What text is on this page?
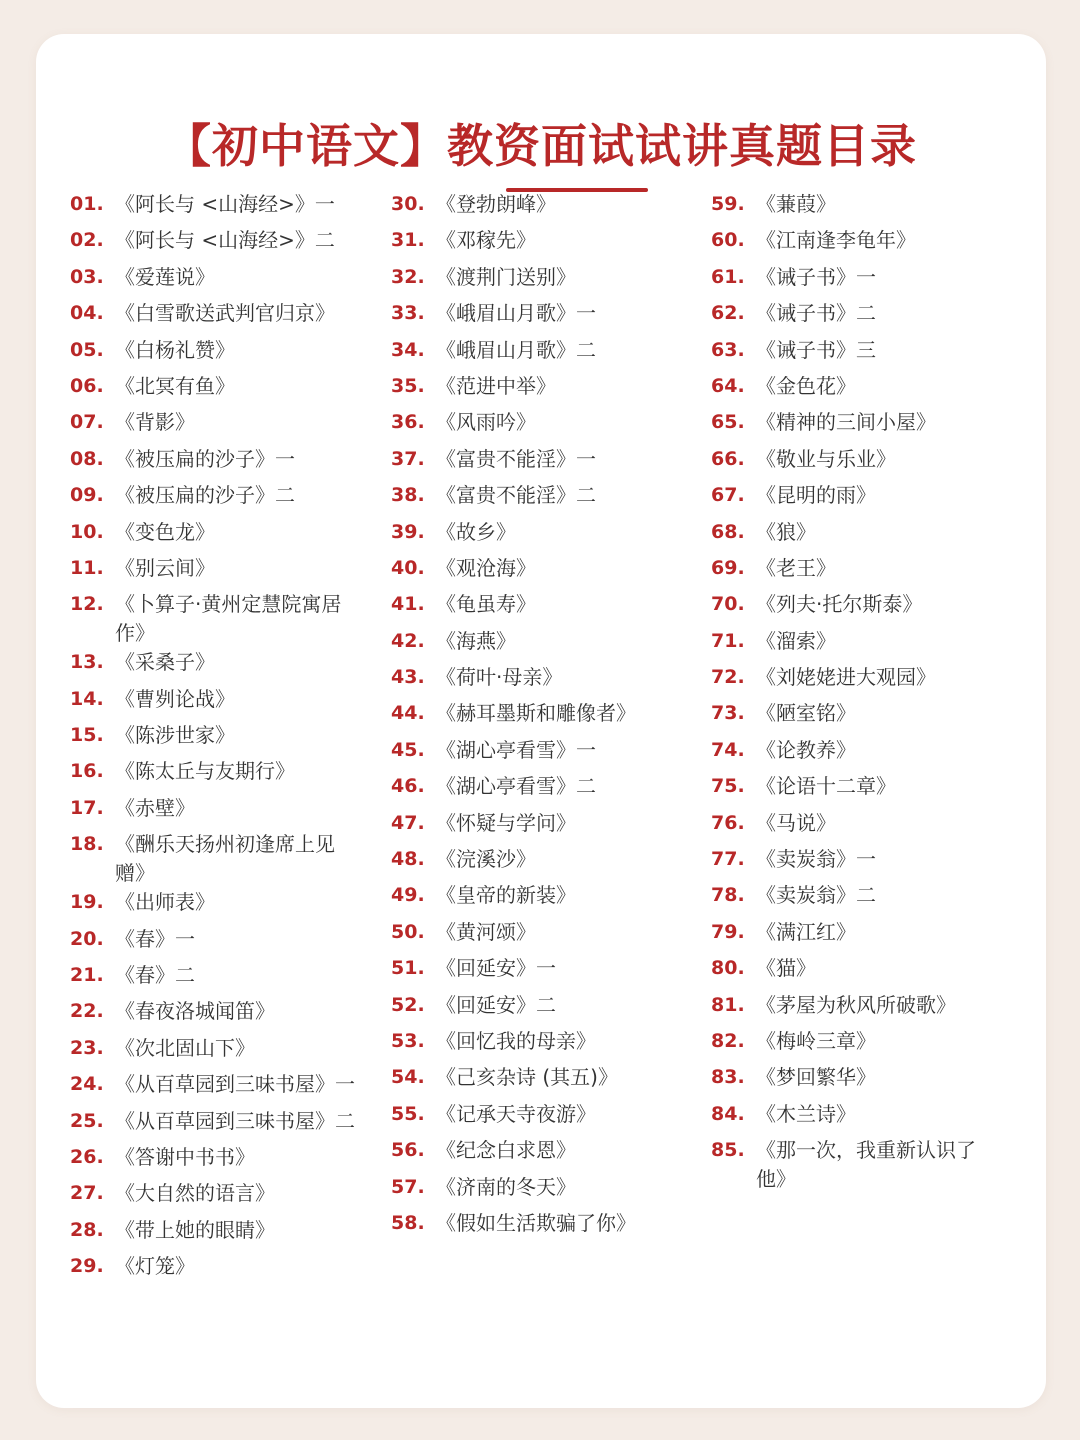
【初中语文】教资面试试讲真题目录
01. 《阿长与 <山海经>》一
02. 《阿长与 <山海经>》二
03. 《爱莲说》
04. 《白雪歌送武判官归京》
05. 《白杨礼赞》
06. 《北冥有鱼》
07. 《背影》
08. 《被压扁的沙子》一
09. 《被压扁的沙子》二
10. 《变色龙》
11. 《别云间》
12. 《卜算子·黄州定慧院寓居作》
13. 《采桑子》
14. 《曹刿论战》
15. 《陈涉世家》
16. 《陈太丘与友期行》
17. 《赤壁》
18. 《酬乐天扬州初逢席上见赠》
19. 《出师表》
20. 《春》一
21. 《春》二
22. 《春夜洛城闻笛》
23. 《次北固山下》
24. 《从百草园到三味书屋》一
25. 《从百草园到三味书屋》二
26. 《答谢中书书》
27. 《大自然的语言》
28. 《带上她的眼睛》
29. 《灯笼》
30. 《登勃朗峰》
31. 《邓稼先》
32. 《渡荆门送别》
33. 《峨眉山月歌》一
34. 《峨眉山月歌》二
35. 《范进中举》
36. 《风雨吟》
37. 《富贵不能淫》一
38. 《富贵不能淫》二
39. 《故乡》
40. 《观沧海》
41. 《龟虽寿》
42. 《海燕》
43. 《荷叶·母亲》
44. 《赫耳墨斯和雕像者》
45. 《湖心亭看雪》一
46. 《湖心亭看雪》二
47. 《怀疑与学问》
48. 《浣溪沙》
49. 《皇帝的新装》
50. 《黄河颂》
51. 《回延安》一
52. 《回延安》二
53. 《回忆我的母亲》
54. 《己亥杂诗 (其五)》
55. 《记承天寺夜游》
56. 《纪念白求恩》
57. 《济南的冬天》
58. 《假如生活欺骗了你》
59. 《蒹葭》
60. 《江南逢李龟年》
61. 《诫子书》一
62. 《诫子书》二
63. 《诫子书》三
64. 《金色花》
65. 《精神的三间小屋》
66. 《敬业与乐业》
67. 《昆明的雨》
68. 《狼》
69. 《老王》
70. 《列夫·托尔斯泰》
71. 《溜索》
72. 《刘姥姥进大观园》
73. 《陋室铭》
74. 《论教养》
75. 《论语十二章》
76. 《马说》
77. 《卖炭翁》一
78. 《卖炭翁》二
79. 《满江红》
80. 《猫》
81. 《茅屋为秋风所破歌》
82. 《梅岭三章》
83. 《梦回繁华》
84. 《木兰诗》
85. 《那一次，我重新认识了他》
